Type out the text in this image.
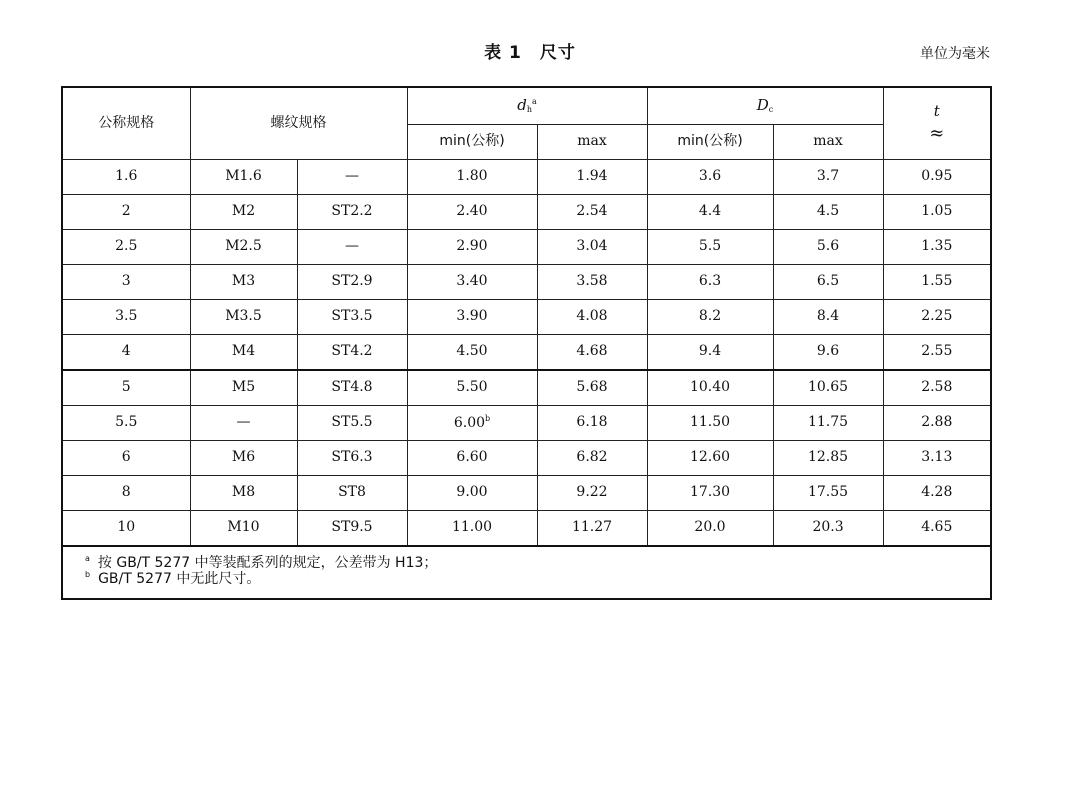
表 1 尺寸	单位为毫米
公称规格	螺纹规格		$dh^a$		Dc		t
≈

			min(公称)	max	min(公称)	max	
1.6	M1.6	—	1.80	1.94	3.6	3.7	0.95
2	M2	ST2.2	2.40	2.54	4.4	4.5	1.05
2.5	M2.5	—	2.90	3.04	5.5	5.6	1.35
3	M3	ST2.9	3.40	3.58	6.3	6.5	1.55
3.5	M3.5	ST3.5	3.90	4.08	8.2	8.4	2.25
4	M4	ST4.2	4.50	4.68	9.4	9.6	2.55
5	M5	ST4.8	5.50	5.68	10.40	10.65	2.58
5.5	—	ST5.5	6.00$^b$	6.18	11.50	11.75	2.88
6	M6	ST6.3	6.60	6.82	12.60	12.85	3.13
8	M8	ST8	9.00	9.22	17.30	17.55	4.28
10	M10	ST9.5	11.00	11.27	20.0	20.3	4.65

$^a$ 按 GB/T 5277 中等装配系列的规定，公差带为 H13；
$^b$ GB/T 5277 中无此尺寸。							
